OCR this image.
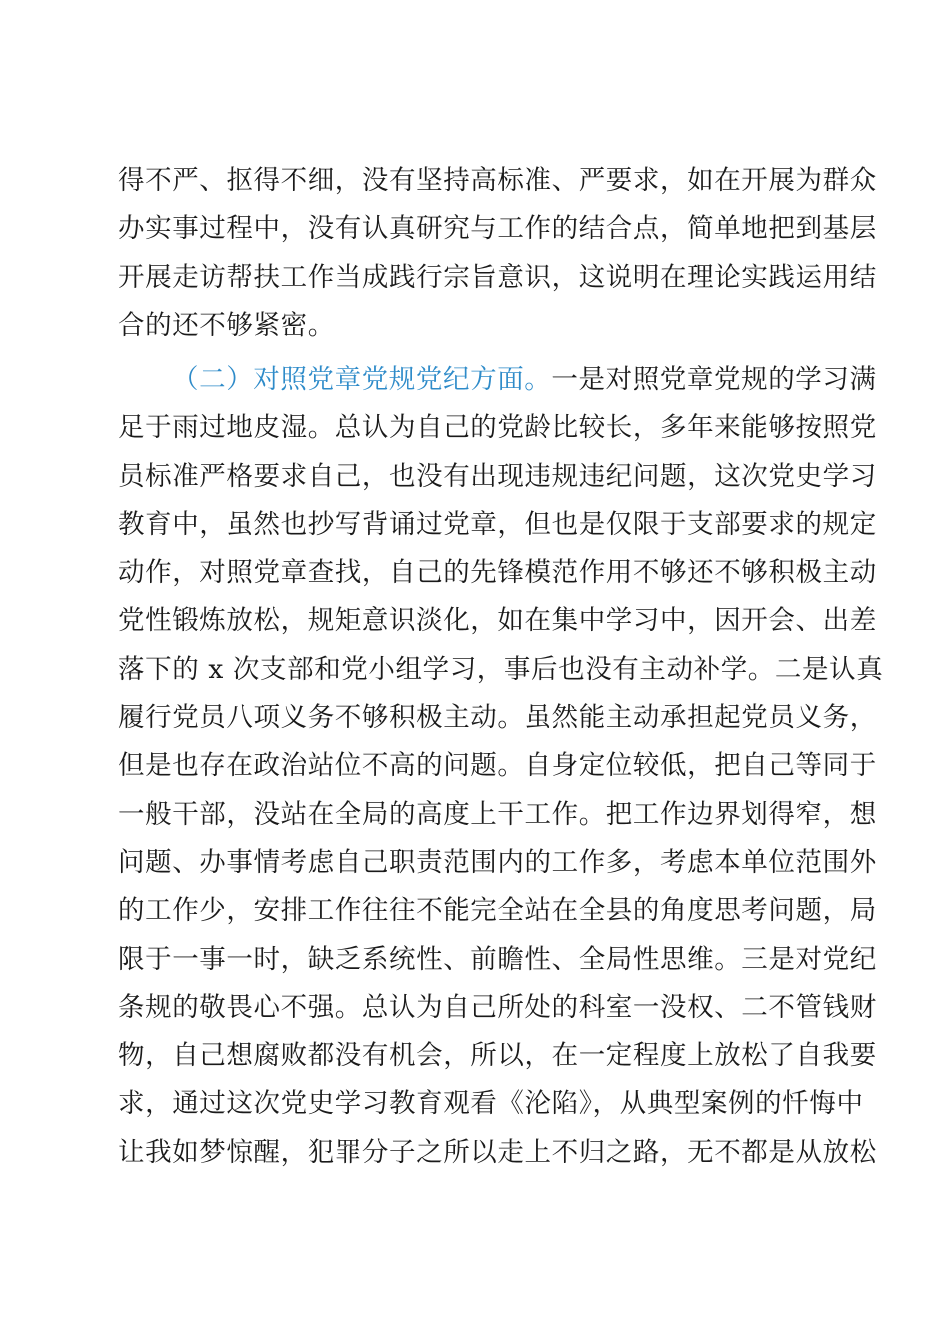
得不严、抠得不细，没有坚持高标准、严要求，如在开展为群众
办实事过程中，没有认真研究与工作的结合点，简单地把到基层
开展走访帮扶工作当成践行宗旨意识，这说明在理论实践运用结
合的还不够紧密。
（二）对照党章党规党纪方面。一是对照党章党规的学习满
足于雨过地皮湿。总认为自己的党龄比较长，多年来能够按照党
员标准严格要求自己，也没有出现违规违纪问题，这次党史学习
教育中，虽然也抄写背诵过党章，但也是仅限于支部要求的规定
动作，对照党章查找，自己的先锋模范作用不够还不够积极主动
党性锻炼放松，规矩意识淡化，如在集中学习中，因开会、出差
落下的 x 次支部和党小组学习，事后也没有主动补学。二是认真
履行党员八项义务不够积极主动。虽然能主动承担起党员义务，
但是也存在政治站位不高的问题。自身定位较低，把自己等同于
一般干部，没站在全局的高度上干工作。把工作边界划得窄，想
问题、办事情考虑自己职责范围内的工作多，考虑本单位范围外
的工作少，安排工作往往不能完全站在全县的角度思考问题，局
限于一事一时，缺乏系统性、前瞻性、全局性思维。三是对党纪
条规的敬畏心不强。总认为自己所处的科室一没权、二不管钱财
物，自己想腐败都没有机会，所以，在一定程度上放松了自我要
求，通过这次党史学习教育观看《沦陷》，从典型案例的忏悔中
让我如梦惊醒，犯罪分子之所以走上不归之路，无不都是从放松
